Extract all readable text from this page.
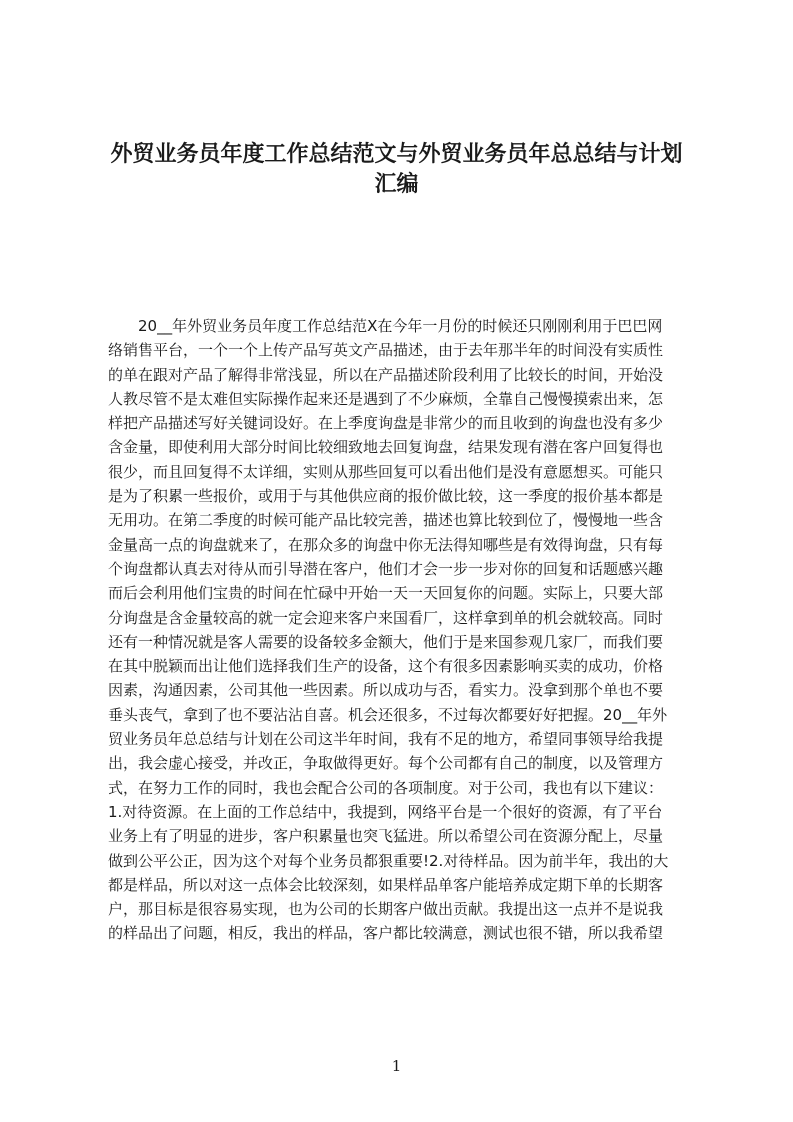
外贸业务员年度工作总结范文与外贸业务员年总总结与计划汇编
20__年外贸业务员年度工作总结范X在今年一月份的时候还只刚刚利用于巴巴网
络销售平台，一个一个上传产品写英文产品描述，由于去年那半年的时间没有实质性
的单在跟对产品了解得非常浅显，所以在产品描述阶段利用了比较长的时间，开始没
人教尽管不是太难但实际操作起来还是遇到了不少麻烦，全靠自己慢慢摸索出来，怎
样把产品描述写好关键词设好。在上季度询盘是非常少的而且收到的询盘也没有多少
含金量，即使利用大部分时间比较细致地去回复询盘，结果发现有潜在客户回复得也
很少，而且回复得不太详细，实则从那些回复可以看出他们是没有意愿想买。可能只
是为了积累一些报价，或用于与其他供应商的报价做比较，这一季度的报价基本都是
无用功。在第二季度的时候可能产品比较完善，描述也算比较到位了，慢慢地一些含
金量高一点的询盘就来了，在那众多的询盘中你无法得知哪些是有效得询盘，只有每
个询盘都认真去对待从而引导潜在客户，他们才会一步一步对你的回复和话题感兴趣
而后会利用他们宝贵的时间在忙碌中开始一天一天回复你的问题。实际上，只要大部
分询盘是含金量较高的就一定会迎来客户来国看厂，这样拿到单的机会就较高。同时
还有一种情况就是客人需要的设备较多金额大，他们于是来国参观几家厂，而我们要
在其中脱颖而出让他们选择我们生产的设备，这个有很多因素影响买卖的成功，价格
因素，沟通因素，公司其他一些因素。所以成功与否，看实力。没拿到那个单也不要
垂头丧气，拿到了也不要沾沾自喜。机会还很多，不过每次都要好好把握。20__年外
贸业务员年总总结与计划在公司这半年时间，我有不足的地方，希望同事领导给我提
出，我会虚心接受，并改正，争取做得更好。每个公司都有自己的制度，以及管理方
式，在努力工作的同时，我也会配合公司的各项制度。对于公司，我也有以下建议：
1.对待资源。在上面的工作总结中，我提到，网络平台是一个很好的资源，有了平台
业务上有了明显的进步，客户积累量也突飞猛进。所以希望公司在资源分配上，尽量
做到公平公正，因为这个对每个业务员都狠重要!2.对待样品。因为前半年，我出的大
都是样品，所以对这一点体会比较深刻，如果样品单客户能培养成定期下单的长期客
户，那目标是很容易实现，也为公司的长期客户做出贡献。我提出这一点并不是说我
的样品出了问题，相反，我出的样品，客户都比较满意，测试也很不错，所以我希望

1
